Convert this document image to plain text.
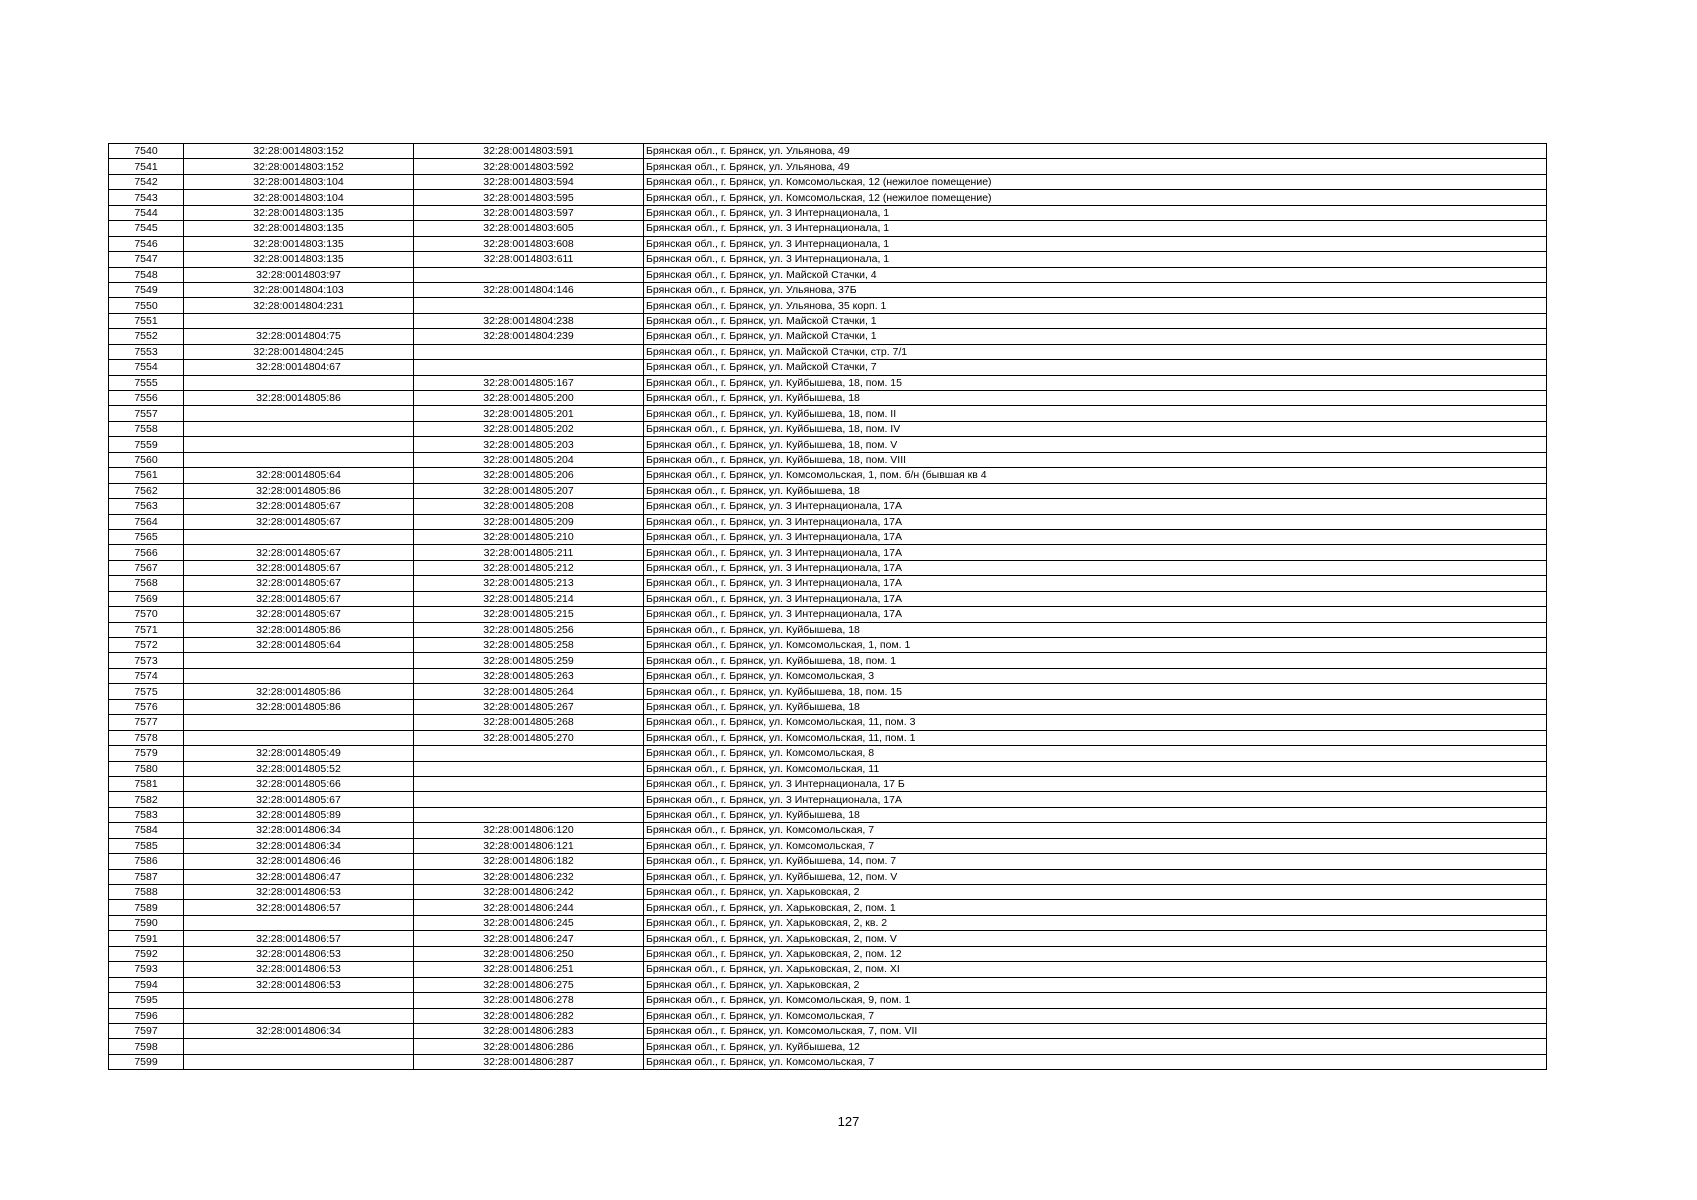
7540	32:28:0014803:152	32:28:0014803:591	Брянская обл., г. Брянск, ул. Ульянова, 49
7541	32:28:0014803:152	32:28:0014803:592	Брянская обл., г. Брянск, ул. Ульянова, 49
7542	32:28:0014803:104	32:28:0014803:594	Брянская обл., г. Брянск, ул. Комсомольская, 12 (нежилое помещение)
7543	32:28:0014803:104	32:28:0014803:595	Брянская обл., г. Брянск, ул. Комсомольская, 12 (нежилое помещение)
7544	32:28:0014803:135	32:28:0014803:597	Брянская обл., г. Брянск, ул. 3 Интернационала, 1
7545	32:28:0014803:135	32:28:0014803:605	Брянская обл., г. Брянск, ул. 3 Интернационала, 1
7546	32:28:0014803:135	32:28:0014803:608	Брянская обл., г. Брянск, ул. 3 Интернационала, 1
7547	32:28:0014803:135	32:28:0014803:611	Брянская обл., г. Брянск, ул. 3 Интернационала, 1
7548	32:28:0014803:97		Брянская обл., г. Брянск, ул. Майской Стачки, 4
7549	32:28:0014804:103	32:28:0014804:146	Брянская обл., г. Брянск, ул. Ульянова, 37Б
7550	32:28:0014804:231		Брянская обл., г. Брянск, ул. Ульянова, 35 корп. 1
7551		32:28:0014804:238	Брянская обл., г. Брянск, ул. Майской Стачки, 1
7552	32:28:0014804:75	32:28:0014804:239	Брянская обл., г. Брянск, ул. Майской Стачки, 1
7553	32:28:0014804:245		Брянская обл., г. Брянск, ул. Майской Стачки, стр. 7/1
7554	32:28:0014804:67		Брянская обл., г. Брянск, ул. Майской Стачки, 7
7555		32:28:0014805:167	Брянская обл., г. Брянск, ул. Куйбышева, 18, пом. 15
7556	32:28:0014805:86	32:28:0014805:200	Брянская обл., г. Брянск, ул. Куйбышева, 18
7557		32:28:0014805:201	Брянская обл., г. Брянск, ул. Куйбышева, 18, пом. II
7558		32:28:0014805:202	Брянская обл., г. Брянск, ул. Куйбышева, 18, пом. IV
7559		32:28:0014805:203	Брянская обл., г. Брянск, ул. Куйбышева, 18, пом. V
7560		32:28:0014805:204	Брянская обл., г. Брянск, ул. Куйбышева, 18, пом. VIII
7561	32:28:0014805:64	32:28:0014805:206	Брянская обл., г. Брянск, ул. Комсомольская, 1, пом. б/н (бывшая кв 4
7562	32:28:0014805:86	32:28:0014805:207	Брянская обл., г. Брянск, ул. Куйбышева, 18
7563	32:28:0014805:67	32:28:0014805:208	Брянская обл., г. Брянск, ул. 3 Интернационала, 17А
7564	32:28:0014805:67	32:28:0014805:209	Брянская обл., г. Брянск, ул. 3 Интернационала, 17А
7565		32:28:0014805:210	Брянская обл., г. Брянск, ул. 3 Интернационала, 17А
7566	32:28:0014805:67	32:28:0014805:211	Брянская обл., г. Брянск, ул. 3 Интернационала, 17А
7567	32:28:0014805:67	32:28:0014805:212	Брянская обл., г. Брянск, ул. 3 Интернационала, 17А
7568	32:28:0014805:67	32:28:0014805:213	Брянская обл., г. Брянск, ул. 3 Интернационала, 17А
7569	32:28:0014805:67	32:28:0014805:214	Брянская обл., г. Брянск, ул. 3 Интернационала, 17А
7570	32:28:0014805:67	32:28:0014805:215	Брянская обл., г. Брянск, ул. 3 Интернационала, 17А
7571	32:28:0014805:86	32:28:0014805:256	Брянская обл., г. Брянск, ул. Куйбышева, 18
7572	32:28:0014805:64	32:28:0014805:258	Брянская обл., г. Брянск, ул. Комсомольская, 1, пом. 1
7573		32:28:0014805:259	Брянская обл., г. Брянск, ул. Куйбышева, 18, пом. 1
7574		32:28:0014805:263	Брянская обл., г. Брянск, ул. Комсомольская, 3
7575	32:28:0014805:86	32:28:0014805:264	Брянская обл., г. Брянск, ул. Куйбышева, 18, пом. 15
7576	32:28:0014805:86	32:28:0014805:267	Брянская обл., г. Брянск, ул. Куйбышева, 18
7577		32:28:0014805:268	Брянская обл., г. Брянск, ул. Комсомольская, 11, пом. 3
7578		32:28:0014805:270	Брянская обл., г. Брянск, ул. Комсомольская, 11, пом. 1
7579	32:28:0014805:49		Брянская обл., г. Брянск, ул. Комсомольская, 8
7580	32:28:0014805:52		Брянская обл., г. Брянск, ул. Комсомольская, 11
7581	32:28:0014805:66		Брянская обл., г. Брянск, ул. 3 Интернационала, 17 Б
7582	32:28:0014805:67		Брянская обл., г. Брянск, ул. 3 Интернационала, 17А
7583	32:28:0014805:89		Брянская обл., г. Брянск, ул. Куйбышева, 18
7584	32:28:0014806:34	32:28:0014806:120	Брянская обл., г. Брянск, ул. Комсомольская, 7
7585	32:28:0014806:34	32:28:0014806:121	Брянская обл., г. Брянск, ул. Комсомольская, 7
7586	32:28:0014806:46	32:28:0014806:182	Брянская обл., г. Брянск, ул. Куйбышева, 14, пом. 7
7587	32:28:0014806:47	32:28:0014806:232	Брянская обл., г. Брянск, ул. Куйбышева, 12, пом. V
7588	32:28:0014806:53	32:28:0014806:242	Брянская обл., г. Брянск, ул. Харьковская, 2
7589	32:28:0014806:57	32:28:0014806:244	Брянская обл., г. Брянск, ул. Харьковская, 2, пом. 1
7590		32:28:0014806:245	Брянская обл., г. Брянск, ул. Харьковская, 2, кв. 2
7591	32:28:0014806:57	32:28:0014806:247	Брянская обл., г. Брянск, ул. Харьковская, 2, пом. V
7592	32:28:0014806:53	32:28:0014806:250	Брянская обл., г. Брянск, ул. Харьковская, 2, пом. 12
7593	32:28:0014806:53	32:28:0014806:251	Брянская обл., г. Брянск, ул. Харьковская, 2, пом. XI
7594	32:28:0014806:53	32:28:0014806:275	Брянская обл., г. Брянск, ул. Харьковская, 2
7595		32:28:0014806:278	Брянская обл., г. Брянск, ул. Комсомольская, 9, пом. 1
7596		32:28:0014806:282	Брянская обл., г. Брянск, ул. Комсомольская, 7
7597	32:28:0014806:34	32:28:0014806:283	Брянская обл., г. Брянск, ул. Комсомольская, 7, пом. VII
7598		32:28:0014806:286	Брянская обл., г. Брянск, ул. Куйбышева, 12
7599		32:28:0014806:287	Брянская обл., г. Брянск, ул. Комсомольская, 7
127
